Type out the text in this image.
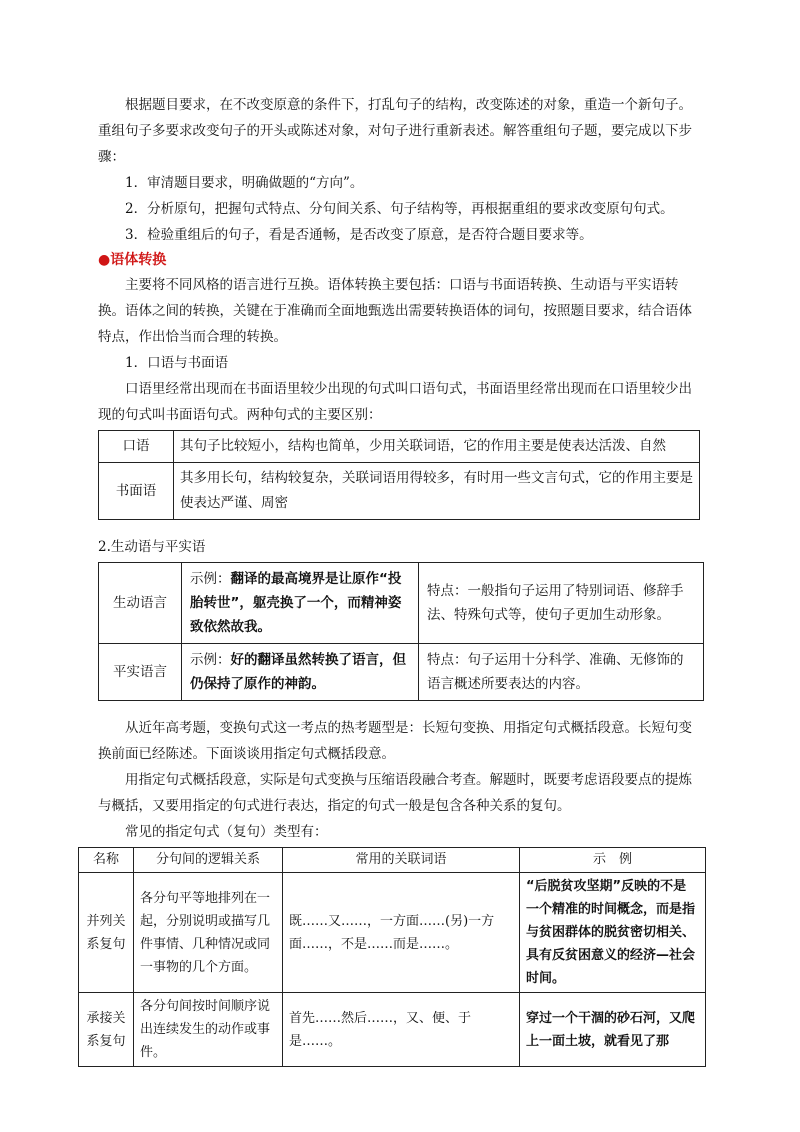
根据题目要求，在不改变原意的条件下，打乱句子的结构，改变陈述的对象，重造一个新句子。重组句子多要求改变句子的开头或陈述对象，对句子进行重新表述。解答重组句子题，要完成以下步骤：

1．审清题目要求，明确做题的“方向”。

2．分析原句，把握句式特点、分句间关系、句子结构等，再根据重组的要求改变原句句式。

3．检验重组后的句子，看是否通畅，是否改变了原意，是否符合题目要求等。

●语体转换

主要将不同风格的语言进行互换。语体转换主要包括：口语与书面语转换、生动语与平实语转换。语体之间的转换，关键在于准确而全面地甄选出需要转换语体的词句，按照题目要求，结合语体特点，作出恰当而合理的转换。

1．口语与书面语

口语里经常出现而在书面语里较少出现的句式叫口语句式，书面语里经常出现而在口语里较少出现的句式叫书面语句式。两种句式的主要区别：

口语	其句子比较短小，结构也简单，少用关联词语，它的作用主要是使表达活泼、自然
书面语	其多用长句，结构较复杂，关联词语用得较多，有时用一些文言句式，它的作用主要是使表达严谨、周密

2.生动语与平实语

生动语言	示例：翻译的最高境界是让原作“投胎转世”，躯壳换了一个，而精神姿致依然故我。	特点：一般指句子运用了特别词语、修辞手法、特殊句式等，使句子更加生动形象。
平实语言	示例：好的翻译虽然转换了语言，但仍保持了原作的神韵。	特点：句子运用十分科学、准确、无修饰的语言概述所要表达的内容。

从近年高考题，变换句式这一考点的热考题型是：长短句变换、用指定句式概括段意。长短句变换前面已经陈述。下面谈谈用指定句式概括段意。

用指定句式概括段意，实际是句式变换与压缩语段融合考查。解题时，既要考虑语段要点的提炼与概括，又要用指定的句式进行表达，指定的句式一般是包含各种关系的复句。

常见的指定句式（复句）类型有：

名称	分句间的逻辑关系	常用的关联词语	示　例
并列关系复句	各分句平等地排列在一起，分别说明或描写几件事情、几种情况或同一事物的几个方面。	既……又……，一方面……(另)一方面……，不是……而是……。	“后脱贫攻坚期”反映的不是一个精准的时间概念，而是指与贫困群体的脱贫密切相关、具有反贫困意义的经济—社会时间。
承接关系复句	各分句间按时间顺序说出连续发生的动作或事件。	首先……然后……，又、便、于是……。	穿过一个干涸的砂石河，又爬上一面土坡，就看见了那
